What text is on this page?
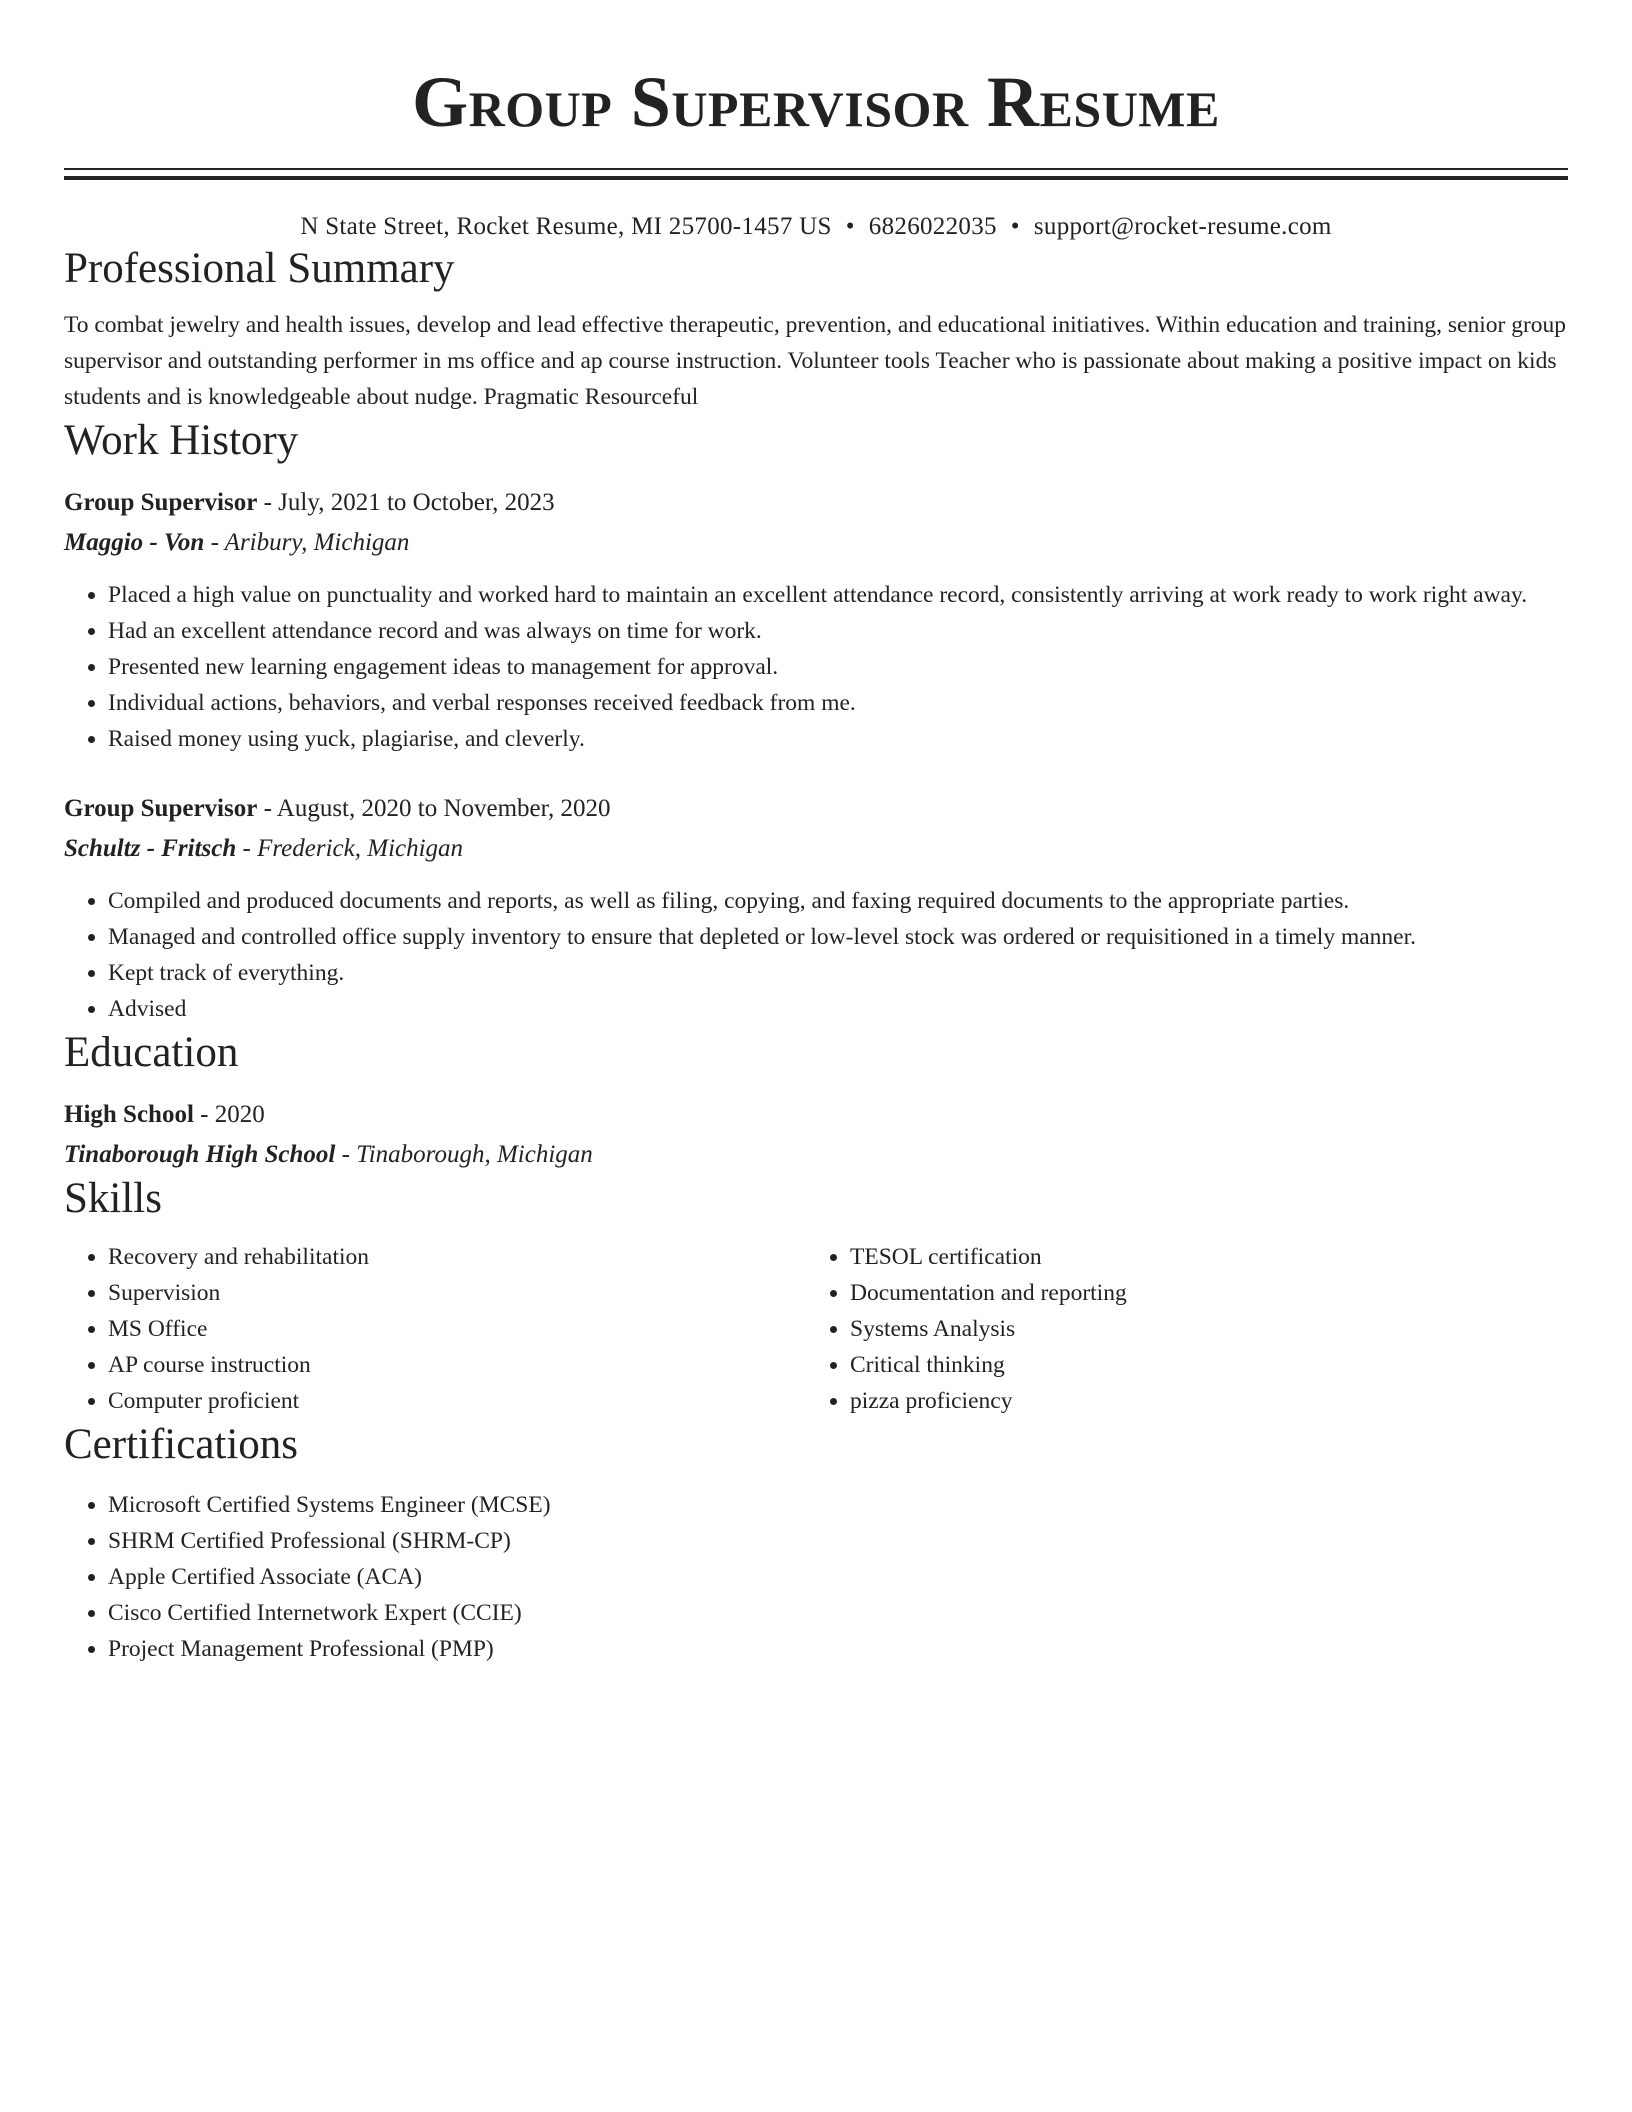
Group Supervisor Resume
N State Street, Rocket Resume, MI 25700-1457 US • 6826022035 • support@rocket-resume.com
Professional Summary

To combat jewelry and health issues, develop and lead effective therapeutic, prevention, and educational initiatives. Within education and training, senior group supervisor and outstanding performer in ms office and ap course instruction. Volunteer tools Teacher who is passionate about making a positive impact on kids students and is knowledgeable about nudge. Pragmatic Resourceful

Work History
Group Supervisor - July, 2021 to October, 2023
Maggio - Von - Aribury, Michigan
• Placed a high value on punctuality and worked hard to maintain an excellent attendance record, consistently arriving at work ready to work right away.
• Had an excellent attendance record and was always on time for work.
• Presented new learning engagement ideas to management for approval.
• Individual actions, behaviors, and verbal responses received feedback from me.
• Raised money using yuck, plagiarise, and cleverly.
Group Supervisor - August, 2020 to November, 2020
Schultz - Fritsch - Frederick, Michigan
• Compiled and produced documents and reports, as well as filing, copying, and faxing required documents to the appropriate parties.
• Managed and controlled office supply inventory to ensure that depleted or low-level stock was ordered or requisitioned in a timely manner.
• Kept track of everything.
• Advised
Education
High School - 2020
Tinaborough High School - Tinaborough, Michigan
Skills
• Recovery and rehabilitation
• Supervision
• MS Office
• AP course instruction
• Computer proficient
• TESOL certification
• Documentation and reporting
• Systems Analysis
• Critical thinking
• pizza proficiency
Certifications
• Microsoft Certified Systems Engineer (MCSE)
• SHRM Certified Professional (SHRM-CP)
• Apple Certified Associate (ACA)
• Cisco Certified Internetwork Expert (CCIE)
• Project Management Professional (PMP)
